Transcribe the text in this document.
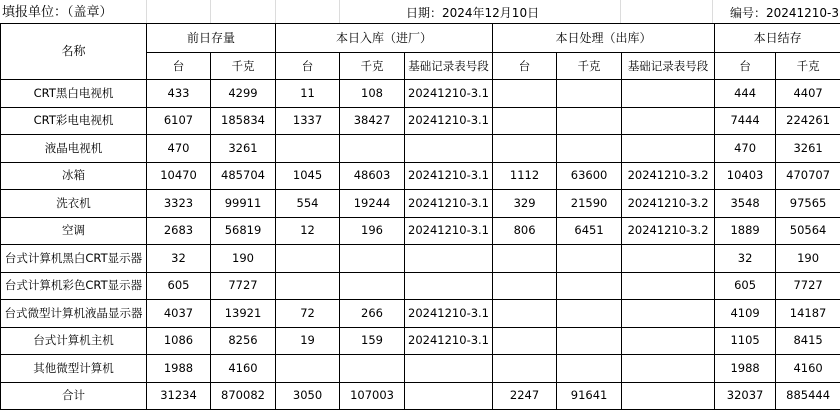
填报单位：（盖章）	日期：2024年12月10日	编号：20241210-3
名称	前日存量		本日入库（进厂）			本日处理（出库）			本日结存	
	台	千克	台	千克	基础记录表号段	台	千克	基础记录表号段	台	千克
CRT黑白电视机	433	4299	11	108	20241210-3.1				444	4407
CRT彩电电视机	6107	185834	1337	38427	20241210-3.1				7444	224261
液晶电视机	470	3261							470	3261
冰箱	10470	485704	1045	48603	20241210-3.1	1112	63600	20241210-3.2	10403	470707
洗衣机	3323	99911	554	19244	20241210-3.1	329	21590	20241210-3.2	3548	97565
空调	2683	56819	12	196	20241210-3.1	806	6451	20241210-3.2	1889	50564
台式计算机黑白CRT显示器	32	190							32	190
台式计算机彩色CRT显示器	605	7727							605	7727
台式微型计算机液晶显示器	4037	13921	72	266	20241210-3.1				4109	14187
台式计算机主机	1086	8256	19	159	20241210-3.1				1105	8415
其他微型计算机	1988	4160							1988	4160
合计	31234	870082	3050	107003		2247	91641		32037	885444
